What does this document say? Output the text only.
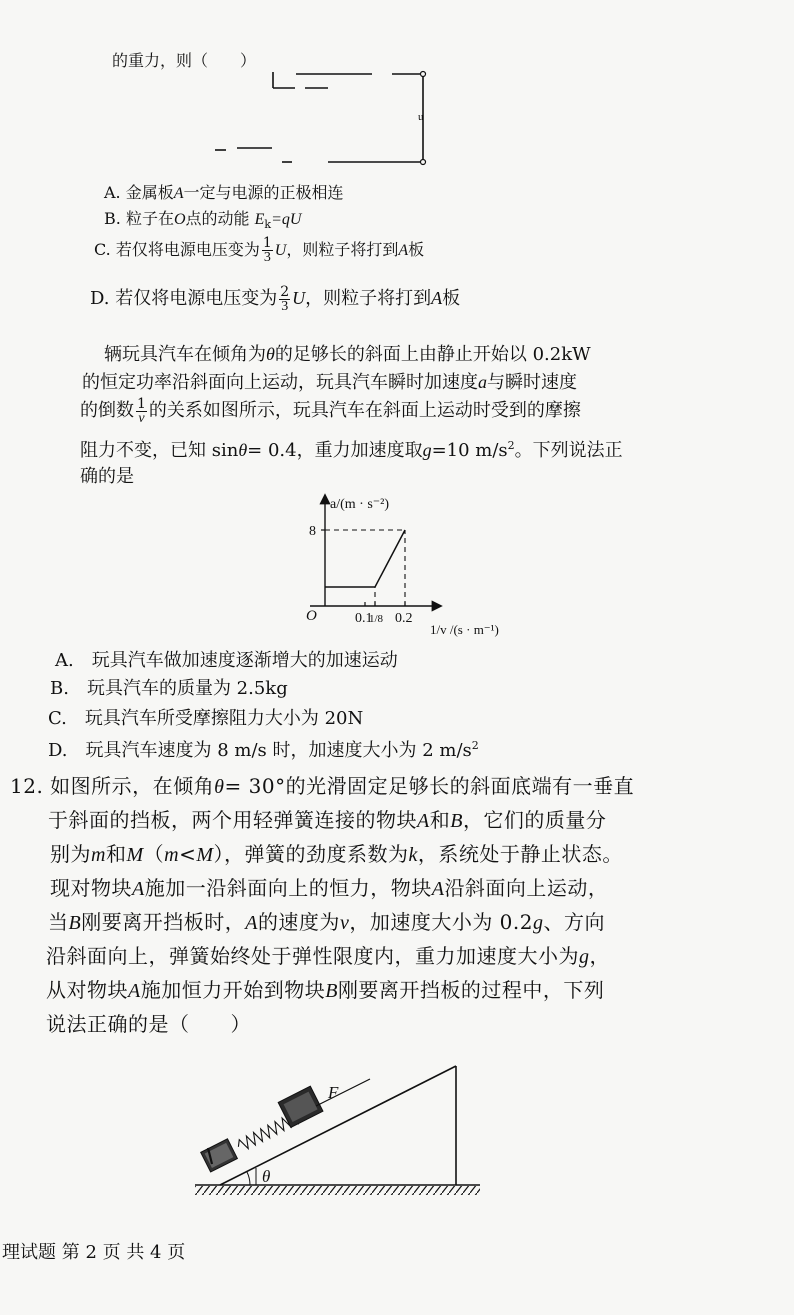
的重力，则（　　）
u
A. 金属板A一定与电源的正极相连
B. 粒子在O点的动能 $E_k=qU$
C. 若仅将电源电压变为 $\frac{1}{3}$ U，则粒子将打到A板
D. 若仅将电源电压变为 $\frac{2}{3}$ U，则粒子将打到A板
辆玩具汽车在倾角为θ的足够长的斜面上由静止开始以 0.2kW
的恒定功率沿斜面向上运动，玩具汽车瞬时加速度a与瞬时速度
的倒数 $\frac{1}{v}$ 的关系如图所示，玩具汽车在斜面上运动时受到的摩擦
阻力不变，已知 sinθ= 0.4，重力加速度取g=10 $m/s^2$。下列说法正
确的是
a/(m · s⁻²)
1/v /(s · m⁻¹)
O
8
0.1
1/8 0.2
A.　 玩具汽车做加速度逐渐增大的加速运动
B.　 玩具汽车的质量为 2.5kg
C.　 玩具汽车所受摩擦阻力大小为 20N
D.　 玩具汽车速度为 8 m/s 时，加速度大小为 2 $m/s^2$
12. 如图所示，在倾角θ= 30°的光滑固定足够长的斜面底端有一垂直
于斜面的挡板，两个用轻弹簧连接的物块A和B，它们的质量分
别为m和M（m<M），弹簧的劲度系数为k，系统处于静止状态。
现对物块A施加一沿斜面向上的恒力，物块A沿斜面向上运动，
当B刚要离开挡板时，A的速度为v，加速度大小为 0.2g、方向
沿斜面向上，弹簧始终处于弹性限度内，重力加速度大小为g，
从对物块A施加恒力开始到物块B刚要离开挡板的过程中，下列
说法正确的是（　　）
F
θ
理试题 第 2 页 共 4 页
